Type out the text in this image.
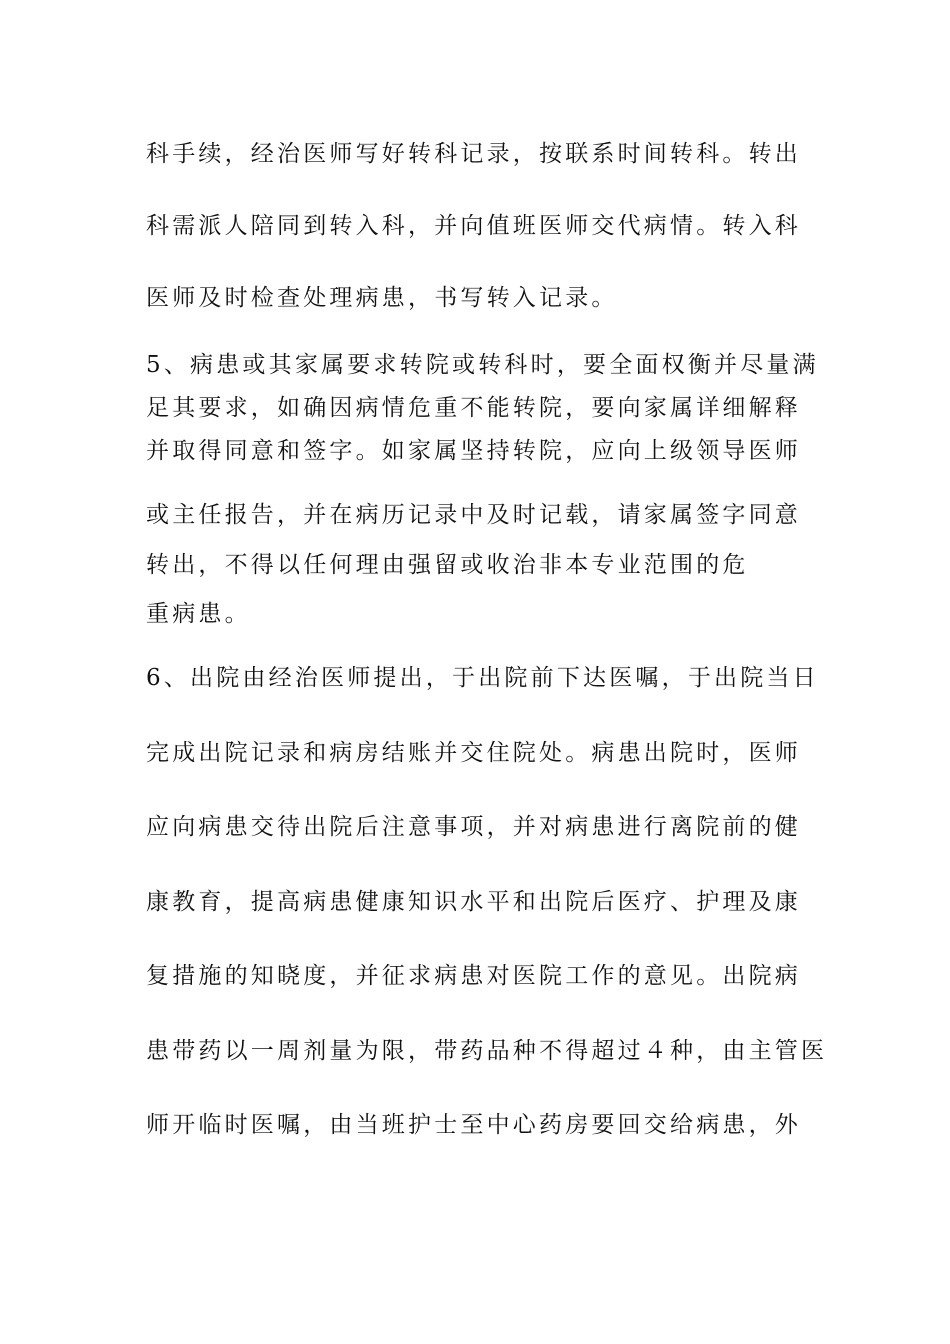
科手续，经治医师写好转科记录，按联系时间转科。转出
科需派人陪同到转入科，并向值班医师交代病情。转入科
医师及时检查处理病患，书写转入记录。
5、病患或其家属要求转院或转科时，要全面权衡并尽量满
足其要求，如确因病情危重不能转院，要向家属详细解释
并取得同意和签字。如家属坚持转院，应向上级领导医师
或主任报告，并在病历记录中及时记载，请家属签字同意
转出，不得以任何理由强留或收治非本专业范围的危
重病患。
6、出院由经治医师提出，于出院前下达医嘱，于出院当日
完成出院记录和病房结账并交住院处。病患出院时，医师
应向病患交待出院后注意事项，并对病患进行离院前的健
康教育，提高病患健康知识水平和出院后医疗、护理及康
复措施的知晓度，并征求病患对医院工作的意见。出院病
患带药以一周剂量为限，带药品种不得超过４种，由主管医
师开临时医嘱，由当班护士至中心药房要回交给病患，外
